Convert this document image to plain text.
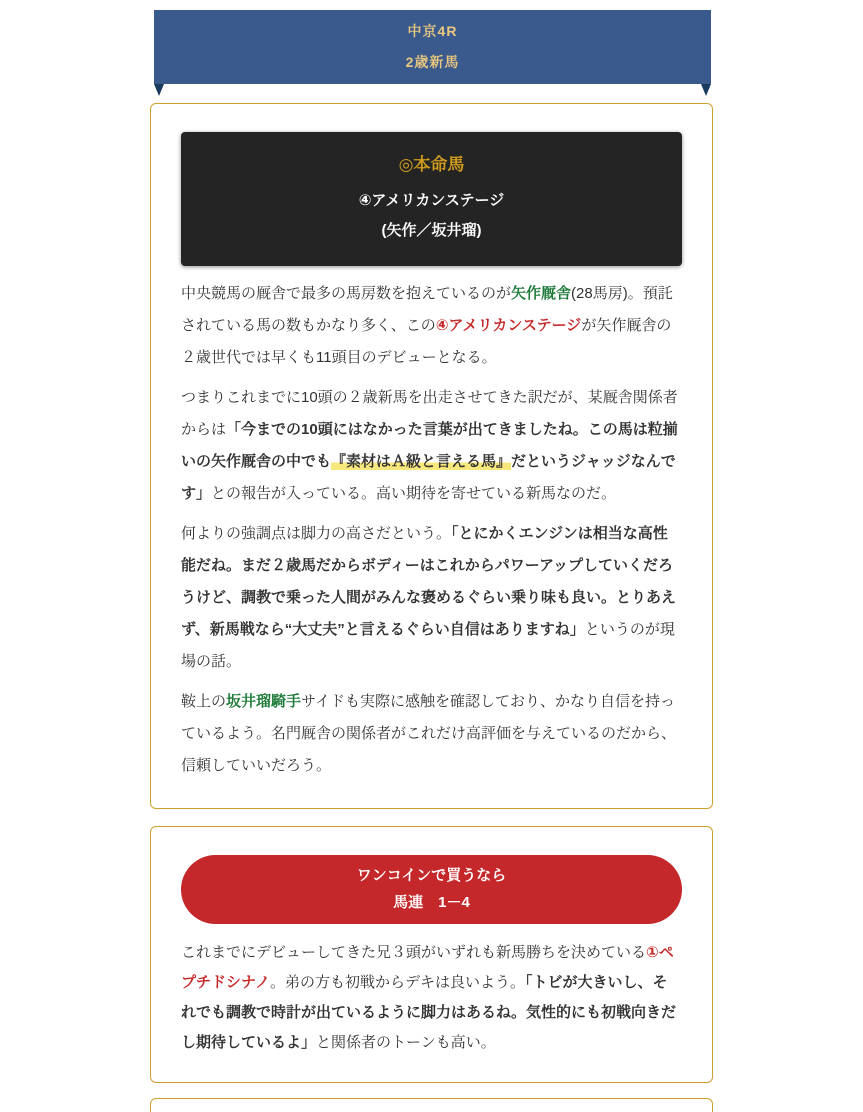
中京4R
2歳新馬
◎本命馬
④アメリカンステージ
(矢作／坂井瑠)

中央競馬の厩舎で最多の馬房数を抱えているのが矢作厩舎(28馬房)。預託されている馬の数もかなり多く、この④アメリカンステージが矢作厩舎の２歳世代では早くも11頭目のデビューとなる。

つまりこれまでに10頭の２歳新馬を出走させてきた訳だが、某厩舎関係者からは「今までの10頭にはなかった言葉が出てきましたね。この馬は粒揃いの矢作厩舎の中でも『素材はＡ級と言える馬』だというジャッジなんです」との報告が入っている。高い期待を寄せている新馬なのだ。

何よりの強調点は脚力の高さだという。「とにかくエンジンは相当な高性能だね。まだ２歳馬だからボディーはこれからパワーアップしていくだろうけど、調教で乗った人間がみんな褒めるぐらい乗り味も良い。とりあえず、新馬戦なら“大丈夫”と言えるぐらい自信はありますね」というのが現場の話。

鞍上の坂井瑠騎手サイドも実際に感触を確認しており、かなり自信を持っているよう。名門厩舎の関係者がこれだけ高評価を与えているのだから、信頼していいだろう。

ワンコインで買うなら
馬連　1－4

これまでにデビューしてきた兄３頭がいずれも新馬勝ちを決めている①ペプチドシナノ。弟の方も初戦からデキは良いよう。「トビが大きいし、それでも調教で時計が出ているように脚力はあるね。気性的にも初戦向きだし期待しているよ」と関係者のトーンも高い。
